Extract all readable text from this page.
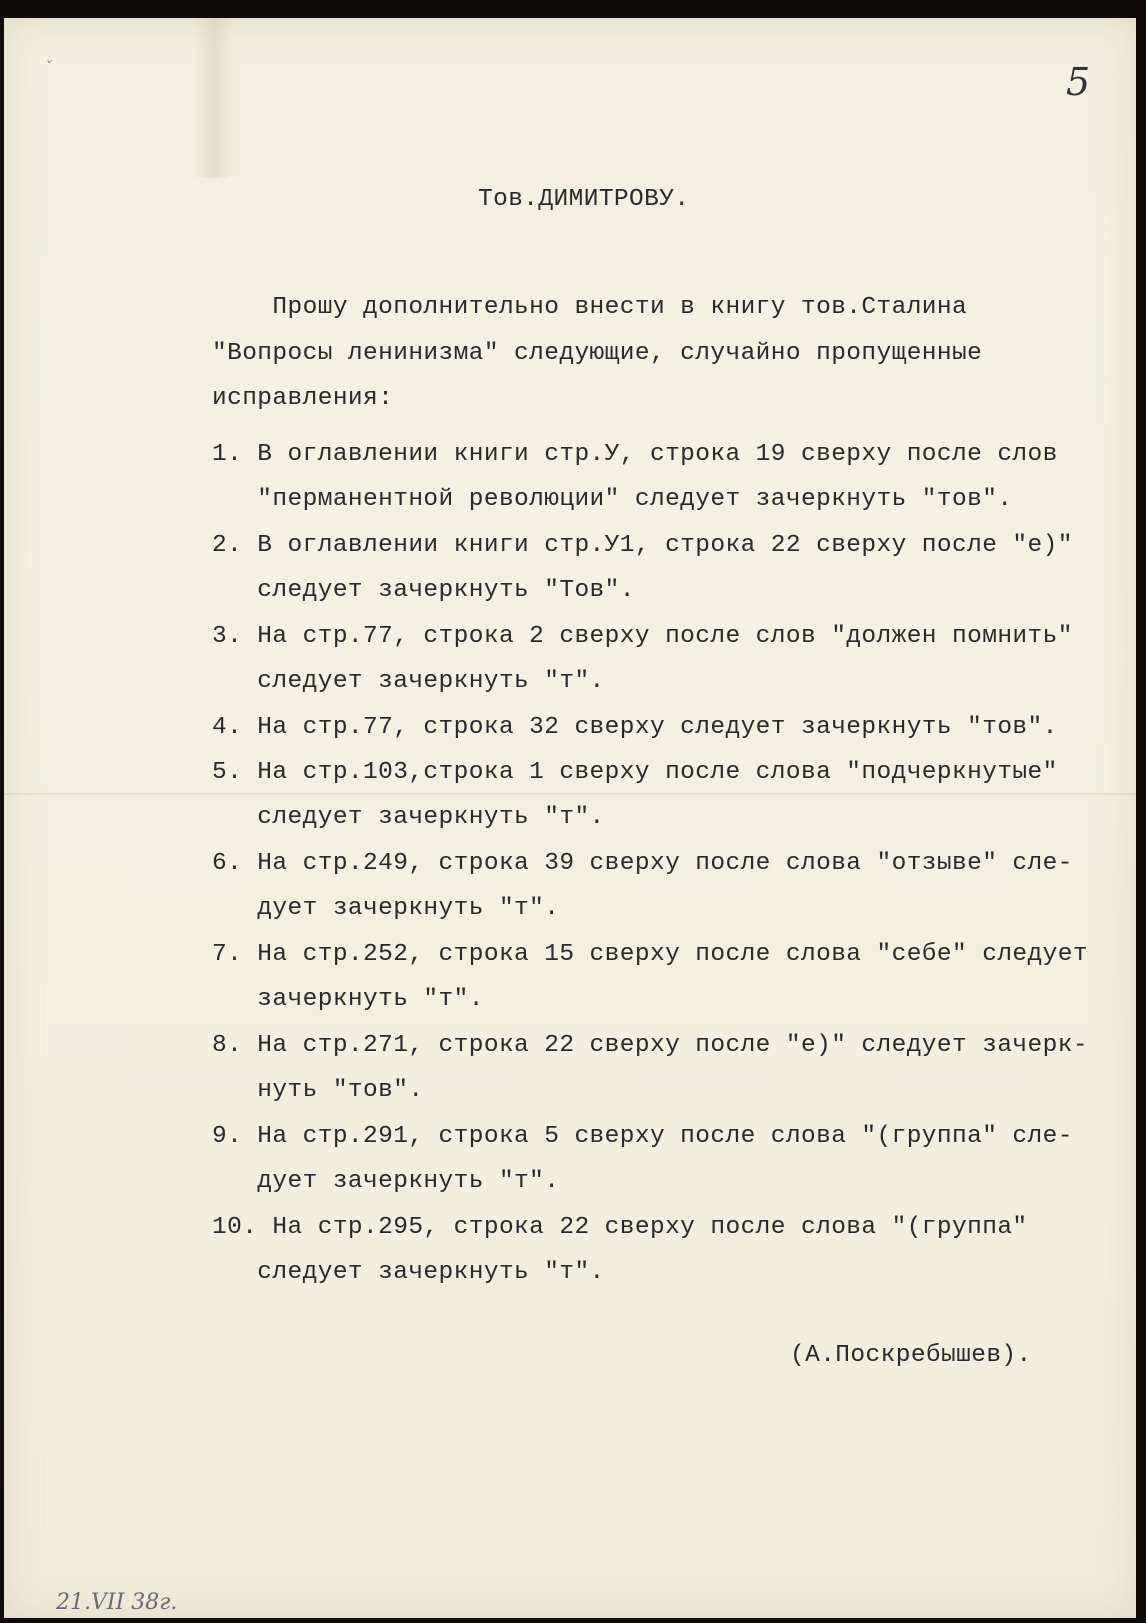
ˇ	5
Тов.ДИМИТРОВУ.
Прошу дополнительно внести в книгу тов.Сталина
"Вопросы ленинизма" следующие, случайно пропущенные
исправления:
1. В оглавлении книги стр.У, строка 19 сверху после слов
"перманентной революции" следует зачеркнуть "тов".
2. В оглавлении книги стр.У1, строка 22 сверху после "е)"
следует зачеркнуть "Тов".
3. На стр.77, строка 2 сверху после слов "должен помнить"
следует зачеркнуть "т".
4. На стр.77, строка 32 сверху следует зачеркнуть "тов".
5. На стр.103,строка 1 сверху после слова "подчеркнутые"
следует зачеркнуть "т".
6. На стр.249, строка 39 сверху после слова "отзыве" сле-
дует зачеркнуть "т".
7. На стр.252, строка 15 сверху после слова "себе" следует
зачеркнуть "т".
8. На стр.271, строка 22 сверху после "е)" следует зачерк-
нуть "тов".
9. На стр.291, строка 5 сверху после слова "(группа" сле-
дует зачеркнуть "т".
10. На стр.295, строка 22 сверху после слова "(группа"
следует зачеркнуть "т".
(А.Поскребышев).
21.VII 38г.
